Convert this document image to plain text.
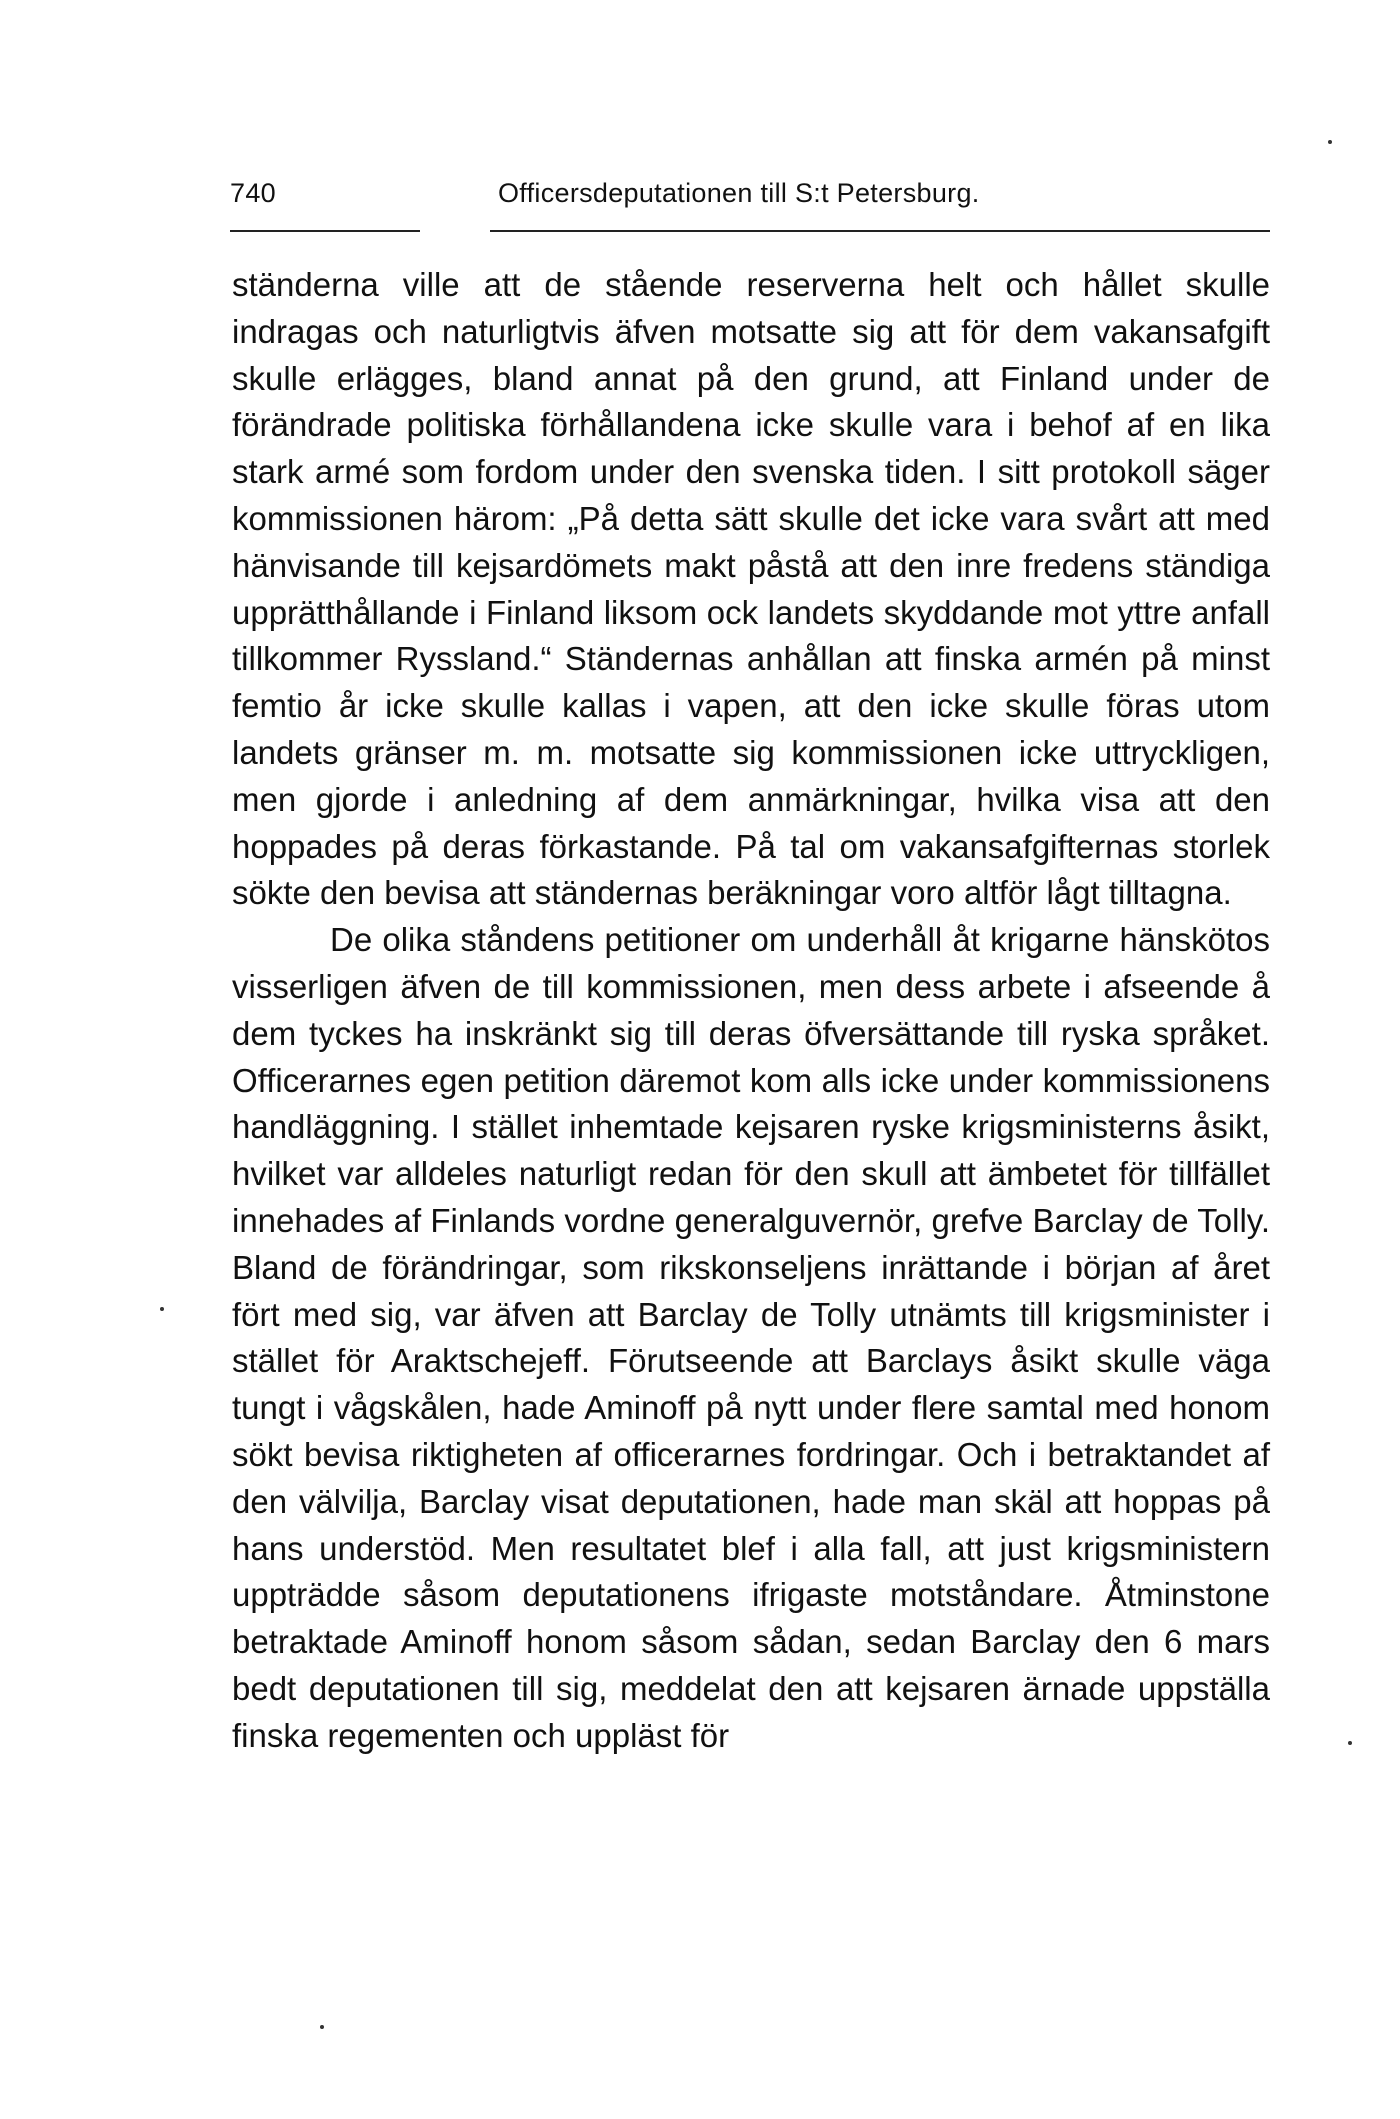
740	Officersdeputationen till S:t Petersburg.

ständerna ville att de stående reserverna helt och hållet skulle indragas och naturligtvis äfven motsatte sig att för dem vakansafgift skulle erlägges, bland annat på den grund, att Finland under de förändrade politiska förhållandena icke skulle vara i behof af en lika stark armé som fordom under den svenska tiden. I sitt protokoll säger kommissionen härom: „På detta sätt skulle det icke vara svårt att med hänvisande till kejsardömets makt påstå att den inre fredens ständiga upprätthållande i Finland liksom ock landets skyddande mot yttre anfall tillkommer Ryssland.“ Ständernas anhållan att finska armén på minst femtio år icke skulle kallas i vapen, att den icke skulle föras utom landets gränser m. m. motsatte sig kommissionen icke uttryckligen, men gjorde i anledning af dem anmärkningar, hvilka visa att den hoppades på deras förkastande. På tal om vakansafgifternas storlek sökte den bevisa att ständernas beräkningar voro altför lågt tilltagna.

De olika ståndens petitioner om underhåll åt krigarne hänskötos visserligen äfven de till kommissionen, men dess arbete i afseende å dem tyckes ha inskränkt sig till deras öfversättande till ryska språket. Officerarnes egen petition däremot kom alls icke under kommissionens handläggning. I stället inhemtade kejsaren ryske krigsministerns åsikt, hvilket var alldeles naturligt redan för den skull att ämbetet för tillfället innehades af Finlands vordne generalguvernör, grefve Barclay de Tolly. Bland de förändringar, som rikskonseljens inrättande i början af året fört med sig, var äfven att Barclay de Tolly utnämts till krigsminister i stället för Araktschejeff. Förutseende att Barclays åsikt skulle väga tungt i vågskålen, hade Aminoff på nytt under flere samtal med honom sökt bevisa riktigheten af officerarnes fordringar. Och i betraktandet af den välvilja, Barclay visat deputationen, hade man skäl att hoppas på hans understöd. Men resultatet blef i alla fall, att just krigsministern uppträdde såsom deputationens ifrigaste motståndare. Åtminstone betraktade Aminoff honom såsom sådan, sedan Barclay den 6 mars bedt deputationen till sig, meddelat den att kejsaren ärnade uppställa finska regementen och uppläst för
